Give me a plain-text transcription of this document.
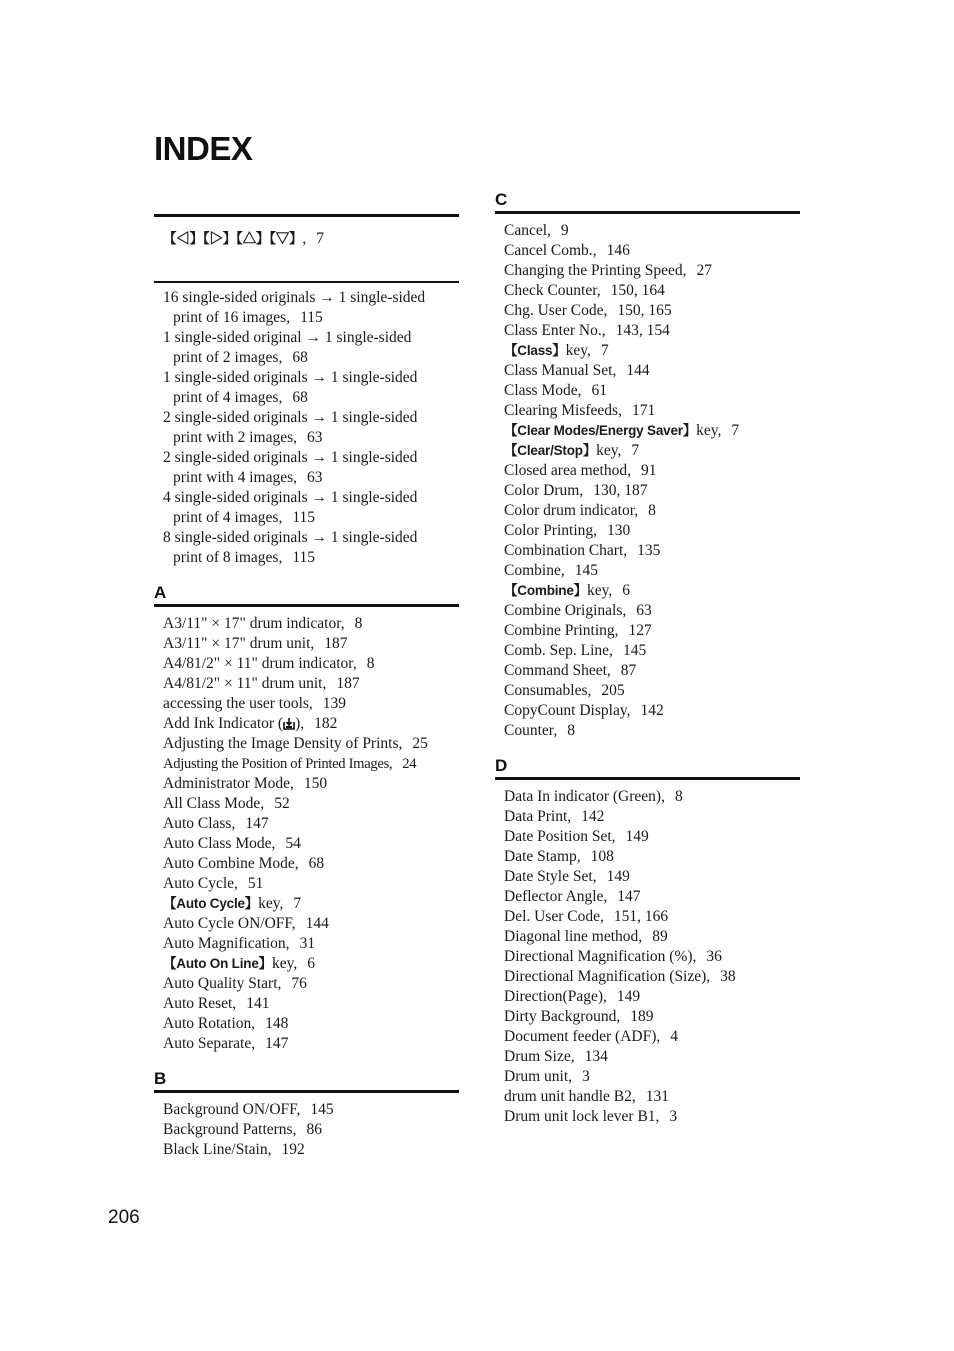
INDEX
【◁】【▷】【△】【▽】, 7
16 single-sided originals → 1 single-sided
print of 16 images, 115
1 single-sided original → 1 single-sided
print of 2 images, 68
1 single-sided originals → 1 single-sided
print of 4 images, 68
2 single-sided originals → 1 single-sided
print with 2 images, 63
2 single-sided originals → 1 single-sided
print with 4 images, 63
4 single-sided originals → 1 single-sided
print of 4 images, 115
8 single-sided originals → 1 single-sided
print of 8 images, 115
A
A3/11" × 17" drum indicator, 8
A3/11" × 17" drum unit, 187
A4/81/2" × 11" drum indicator, 8
A4/81/2" × 11" drum unit, 187
accessing the user tools, 139
Add Ink Indicator ( ), 182
Adjusting the Image Density of Prints, 25
Adjusting the Position of Printed Images, 24
Administrator Mode, 150
All Class Mode, 52
Auto Class, 147
Auto Class Mode, 54
Auto Combine Mode, 68
Auto Cycle, 51
【Auto Cycle】key, 7
Auto Cycle ON/OFF, 144
Auto Magnification, 31
【Auto On Line】key, 6
Auto Quality Start, 76
Auto Reset, 141
Auto Rotation, 148
Auto Separate, 147
B
Background ON/OFF, 145
Background Patterns, 86
Black Line/Stain, 192
C
Cancel, 9
Cancel Comb., 146
Changing the Printing Speed, 27
Check Counter, 150, 164
Chg. User Code, 150, 165
Class Enter No., 143, 154
【Class】key, 7
Class Manual Set, 144
Class Mode, 61
Clearing Misfeeds, 171
【Clear Modes/Energy Saver】key, 7
【Clear/Stop】key, 7
Closed area method, 91
Color Drum, 130, 187
Color drum indicator, 8
Color Printing, 130
Combination Chart, 135
Combine, 145
【Combine】key, 6
Combine Originals, 63
Combine Printing, 127
Comb. Sep. Line, 145
Command Sheet, 87
Consumables, 205
CopyCount Display, 142
Counter, 8
D
Data In indicator (Green), 8
Data Print, 142
Date Position Set, 149
Date Stamp, 108
Date Style Set, 149
Deflector Angle, 147
Del. User Code, 151, 166
Diagonal line method, 89
Directional Magnification (%), 36
Directional Magnification (Size), 38
Direction(Page), 149
Dirty Background, 189
Document feeder (ADF), 4
Drum Size, 134
Drum unit, 3
drum unit handle B2, 131
Drum unit lock lever B1, 3
206
